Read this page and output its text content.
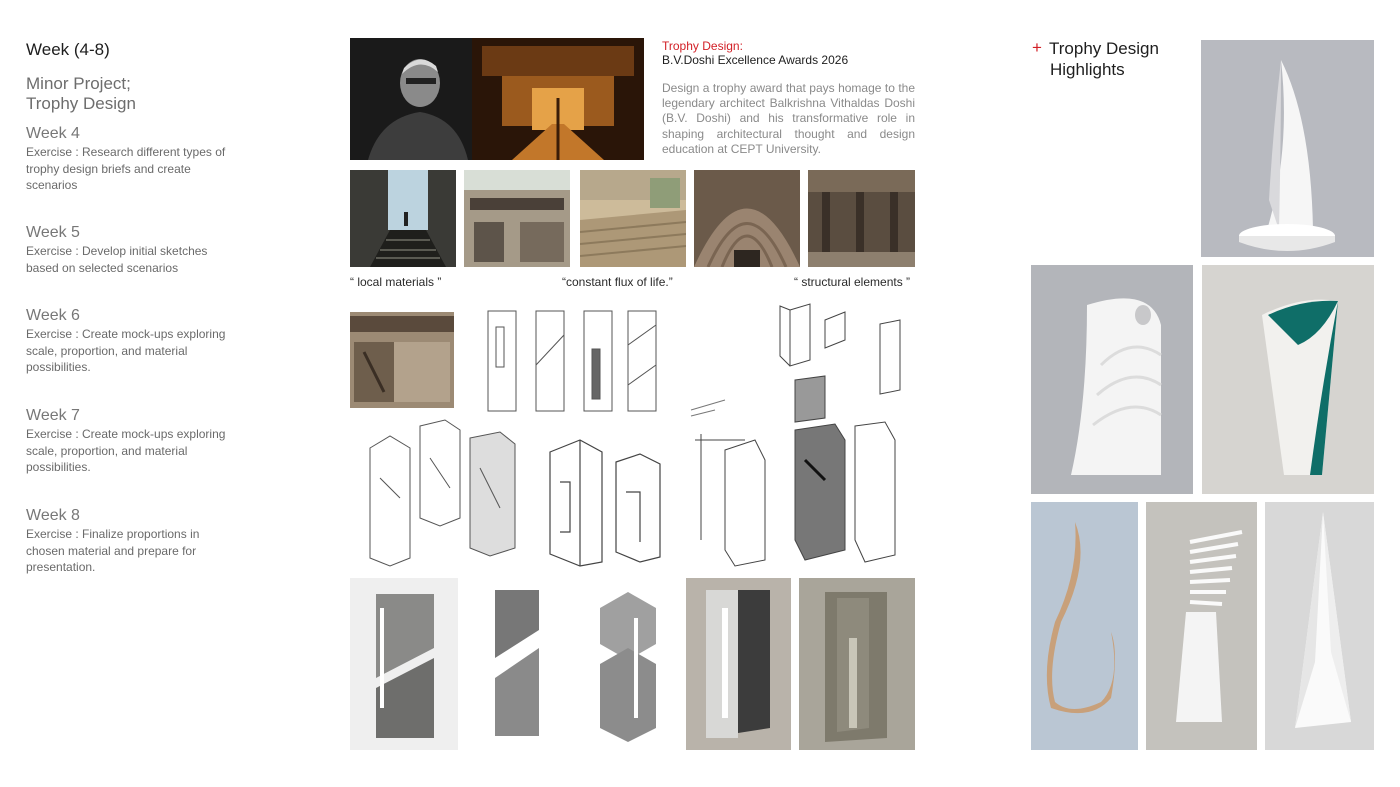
Week (4-8)
Minor Project;
Trophy Design
Week 4
Exercise : Research different types of trophy design briefs and create scenarios
Week 5
Exercise : Develop initial sketches based on selected scenarios
Week 6
Exercise : Create mock-ups exploring scale, proportion, and material possibilities.
Week 7
Exercise : Create mock-ups exploring scale, proportion, and material possibilities.
Week 8
Exercise : Finalize proportions in chosen material and prepare for presentation.
Trophy Design:
B.V.Doshi Excellence Awards 2026
Design a trophy award that pays homage to the legendary architect Balkrishna Vithaldas Doshi (B.V. Doshi) and his transformative role in shaping architectural thought and design education at CEPT University.
“ local materials ”	“constant flux of life.”	“ structural elements ”
+ Trophy Design
Highlights
